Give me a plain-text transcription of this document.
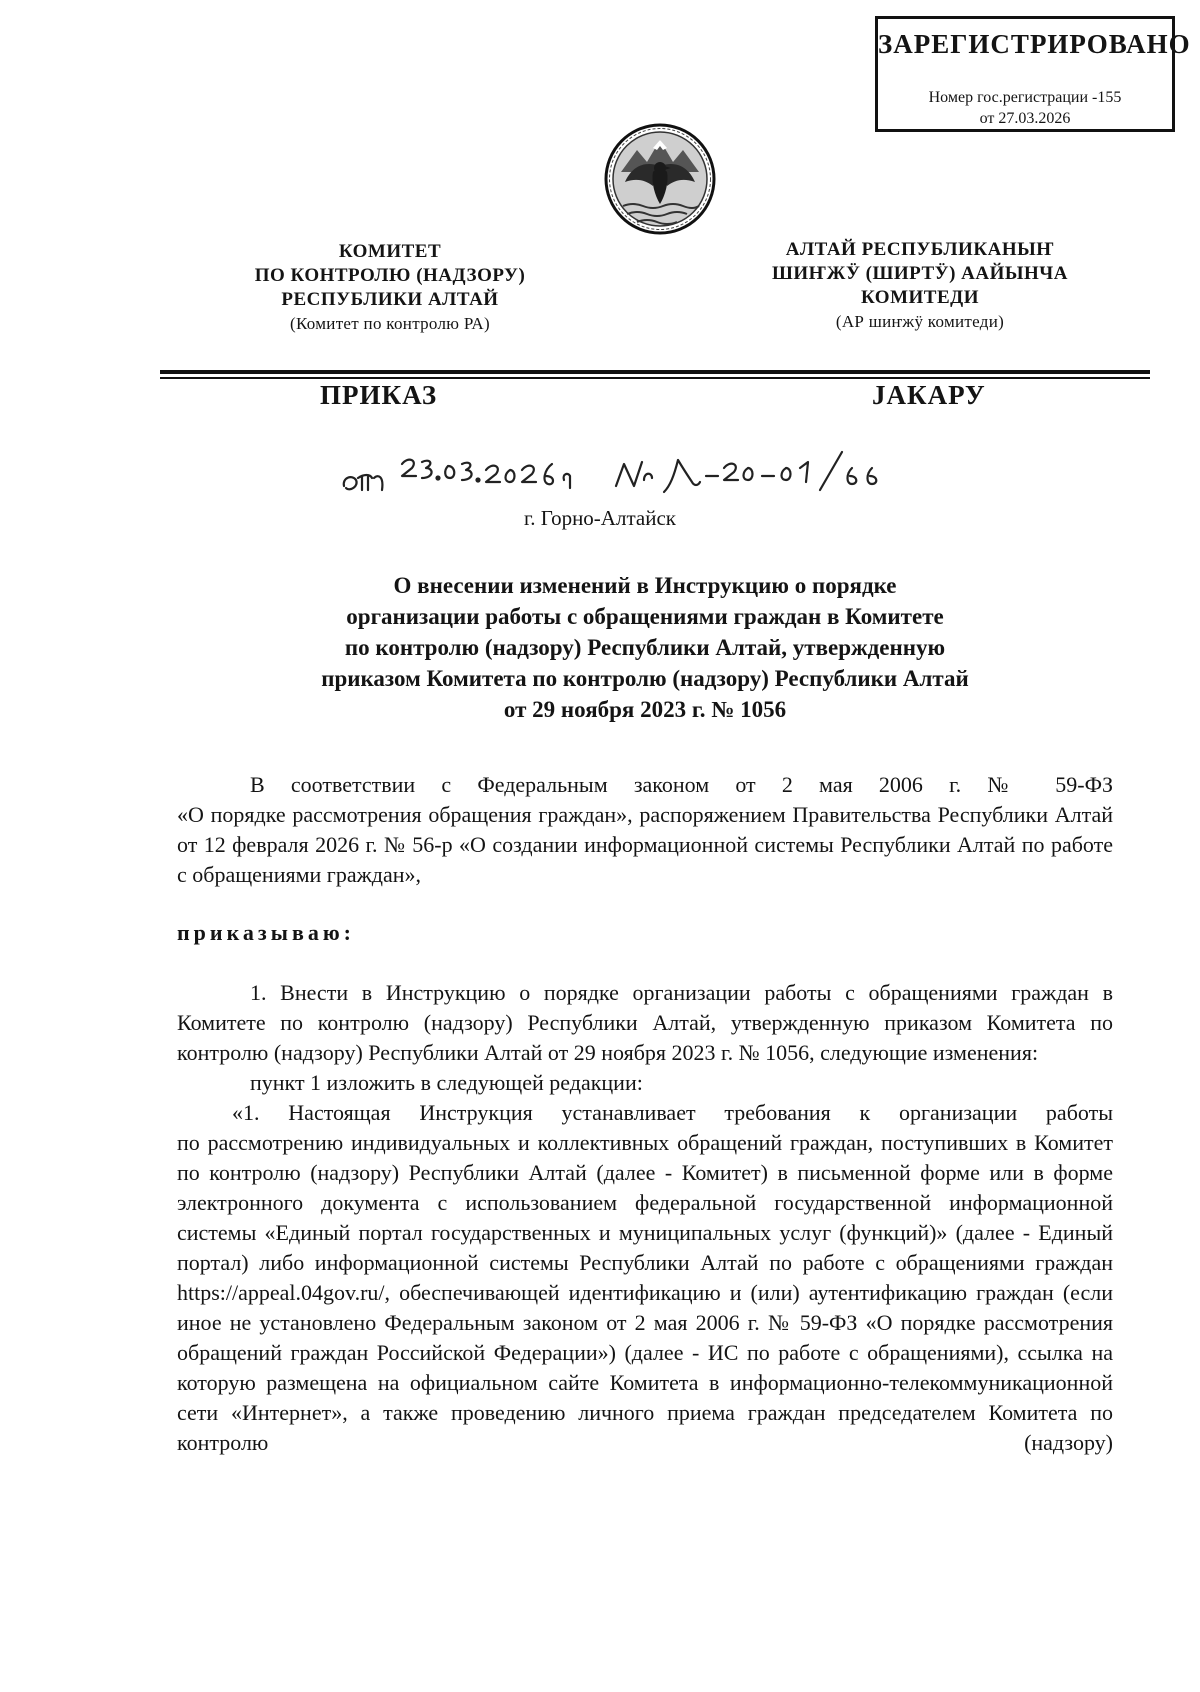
ЗАРЕГИСТРИРОВАНО
Номер гос.регистрации -155
от 27.03.2026
КОМИТЕТ
ПО КОНТРОЛЮ (НАДЗОРУ)
РЕСПУБЛИКИ АЛТАЙ
(Комитет по контролю РА)
АЛТАЙ РЕСПУБЛИКАНЫҤ
ШИҤЖӰ (ШИРТӰ) ААЙЫНЧА
КОМИТЕДИ
(АР шиҥжӱ комитеди)
ПРИКАЗ	ЈАКАРУ
г. Горно-Алтайск
О внесении изменений в Инструкцию о порядке
организации работы с обращениями граждан в Комитете
по контролю (надзору) Республики Алтай, утвержденную
приказом Комитета по контролю (надзору) Республики Алтай
от 29 ноября 2023 г. № 1056
В соответствии с Федеральным законом от 2 мая 2006 г. № 59-ФЗ
«О порядке рассмотрения обращения граждан», распоряжением Правительства Республики Алтай от 12 февраля 2026 г. № 56-р «О создании информационной системы Республики Алтай по работе с обращениями граждан»,
приказываю:

1. Внести в Инструкцию о порядке организации работы с обращениями граждан в Комитете по контролю (надзору) Республики Алтай, утвержденную приказом Комитета по контролю (надзору) Республики Алтай от 29 ноября 2023 г. № 1056, следующие изменения:

пункт 1 изложить в следующей редакции:

«1. Настоящая Инструкция устанавливает требования к организации работы

по рассмотрению индивидуальных и коллективных обращений граждан, поступивших в Комитет по контролю (надзору) Республики Алтай (далее - Комитет) в письменной форме или в форме электронного документа с использованием федеральной государственной информационной системы «Единый портал государственных и муниципальных услуг (функций)» (далее - Единый портал) либо информационной системы Республики Алтай по работе с обращениями граждан https://appeal.04gov.ru/, обеспечивающей идентификацию и (или) аутентификацию граждан (если иное не установлено Федеральным законом от 2 мая 2006 г. № 59-ФЗ «О порядке рассмотрения обращений граждан Российской Федерации») (далее - ИС по работе с обращениями), ссылка на которую размещена на официальном сайте Комитета в информационно-телекоммуникационной сети «Интернет», а также проведению личного приема граждан председателем Комитета по контролю (надзору)
